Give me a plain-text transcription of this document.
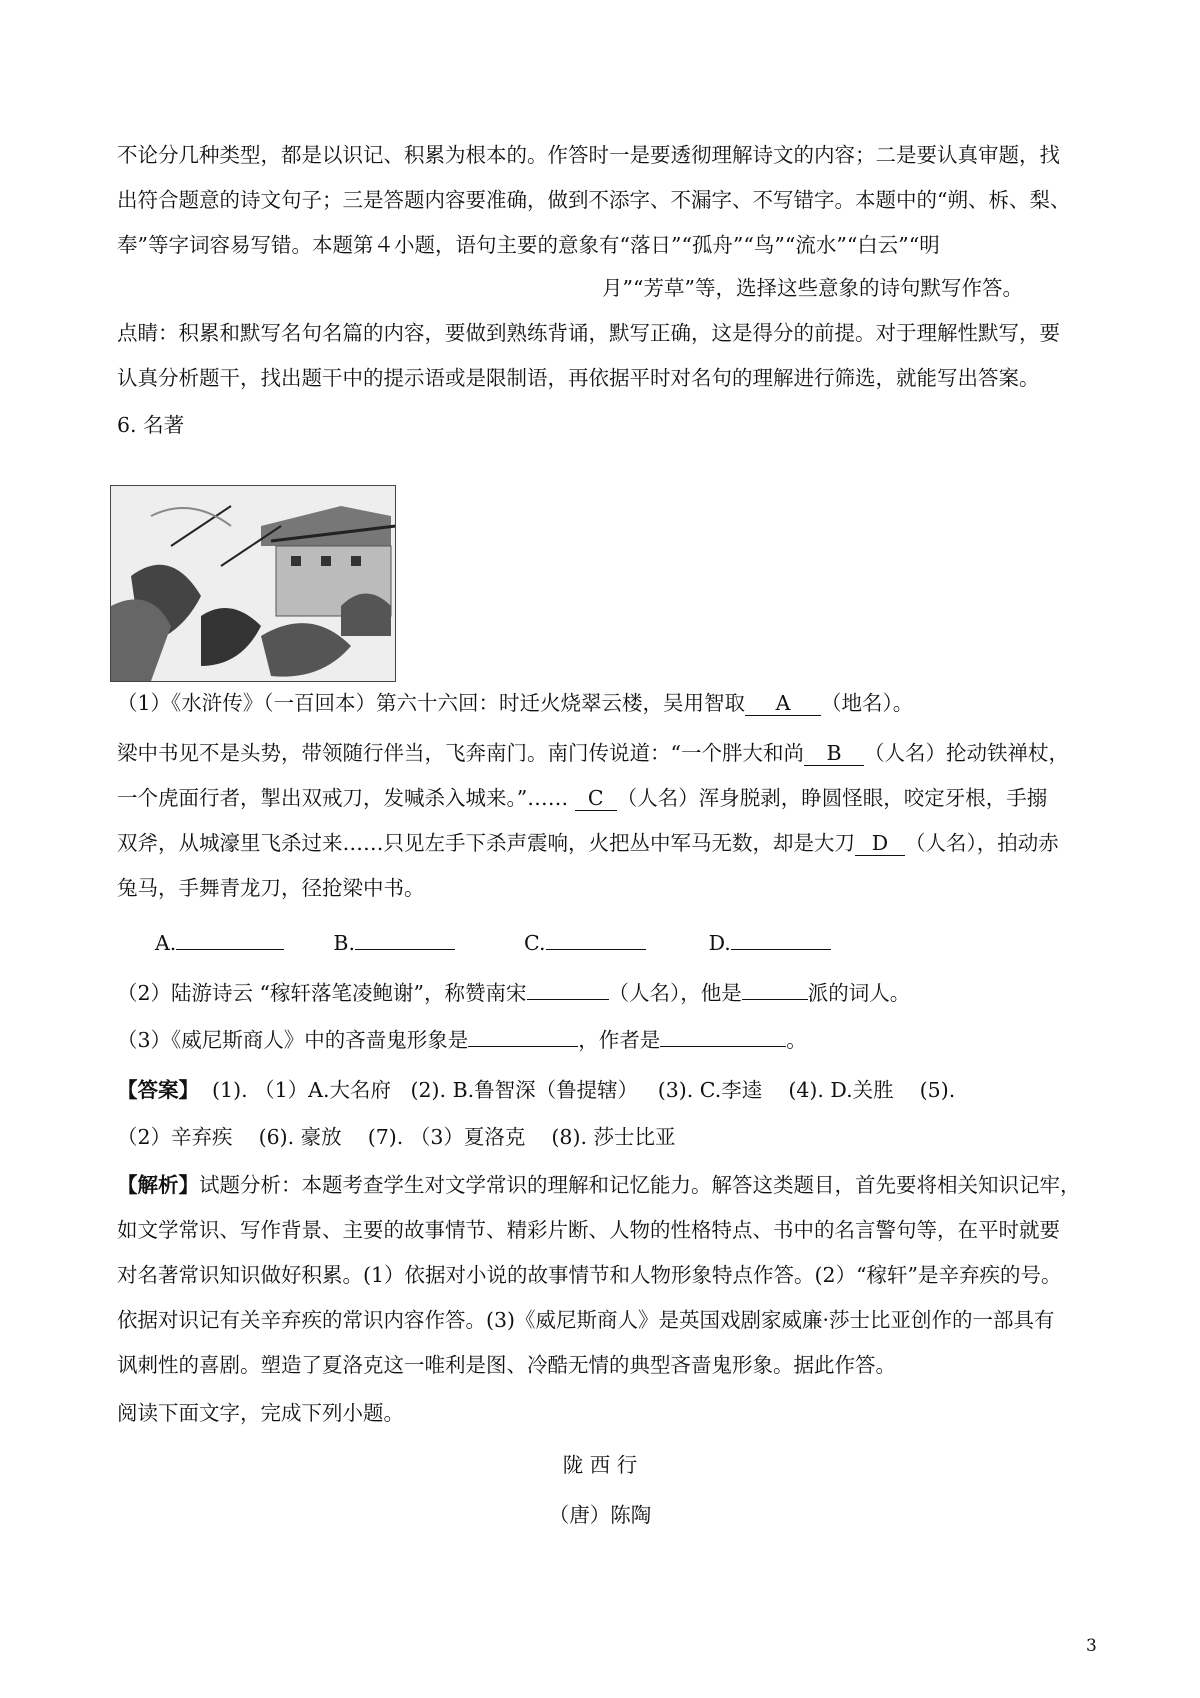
不论分几种类型，都是以识记、积累为根本的。作答时一是要透彻理解诗文的内容；二是要认真审题，找
出符合题意的诗文句子；三是答题内容要准确，做到不添字、不漏字、不写错字。本题中的“朔、柝、梨、
奉”等字词容易写错。本题第４小题，语句主要的意象有“落日”“孤舟”“鸟”“流水”“白云”“明
月”“芳草”等，选择这些意象的诗句默写作答。
点睛：积累和默写名句名篇的内容，要做到熟练背诵，默写正确，这是得分的前提。对于理解性默写，要
认真分析题干，找出题干中的提示语或是限制语，再依据平时对名句的理解进行筛选，就能写出答案。
6. 名著
（1）《水浒传》（一百回本）第六十六回：时迁火烧翠云楼，吴用智取 A （地名）。
梁中书见不是头势，带领随行伴当，飞奔南门。南门传说道：“一个胖大和尚 B （人名）抡动铁禅杖，
一个虎面行者，掣出双戒刀，发喊杀入城来。”…… C （人名）浑身脱剥，睁圆怪眼，咬定牙根，手搦
双斧，从城濠里飞杀过来……只见左手下杀声震响，火把丛中军马无数，却是大刀 D （人名），拍动赤
兔马，手舞青龙刀，径抢梁中书。
A.	B.	C.	D.
（2）陆游诗云 “稼轩落笔凌鲍谢”，称赞南宋	（人名），他是	派的词人。
（3）《威尼斯商人》中的吝啬鬼形象是	，作者是	。
【答案】  (1). （1）A.大名府   (2). B.鲁智深（鲁提辖）   (3). C.李逵    (4). D.关胜    (5).
（2）辛弃疾    (6). 豪放    (7). （3）夏洛克    (8). 莎士比亚
【解析】试题分析：本题考查学生对文学常识的理解和记忆能力。解答这类题目，首先要将相关知识记牢，
如文学常识、写作背景、主要的故事情节、精彩片断、人物的性格特点、书中的名言警句等，在平时就要
对名著常识知识做好积累。(1）依据对小说的故事情节和人物形象特点作答。(2）“稼轩”是辛弃疾的号。
依据对识记有关辛弃疾的常识内容作答。(3)《威尼斯商人》是英国戏剧家威廉·莎士比亚创作的一部具有
讽刺性的喜剧。塑造了夏洛克这一唯利是图、冷酷无情的典型吝啬鬼形象。据此作答。
阅读下面文字，完成下列小题。
陇 西 行
（唐）陈陶
3
